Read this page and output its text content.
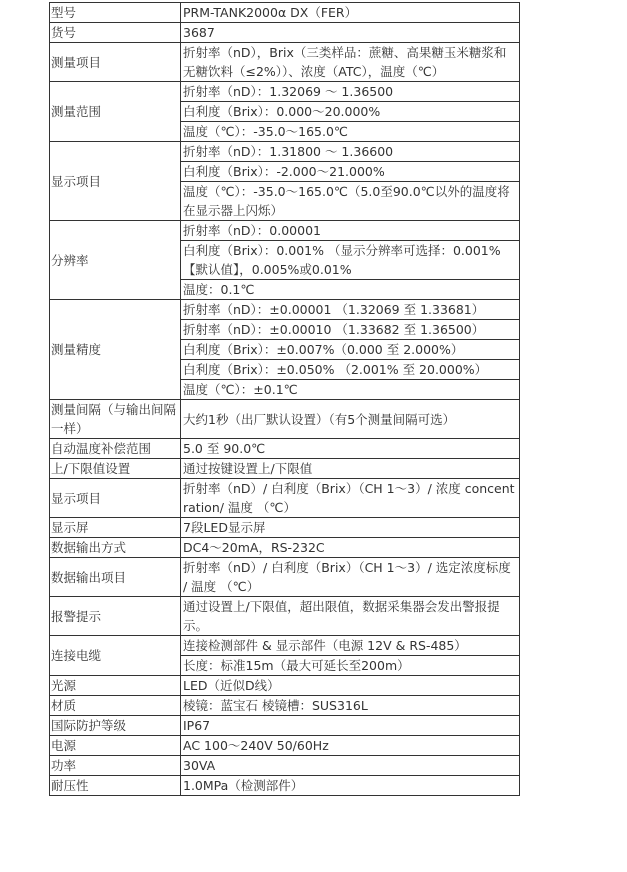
型号	PRM-TANK2000α DX（FER）
货号	3687
测量项目	折射率（nD），Brix（三类样品：蔗糖、高果糖玉米糖浆和无糖饮料（≤2%））、浓度（ATC），温度（℃）
测量范围	折射率（nD）：1.32069 ～ 1.36500
	白利度（Brix）：0.000～20.000%
	温度（℃）：-35.0～165.0℃
显示项目	折射率（nD）：1.31800 ～ 1.36600
	白利度（Brix）：-2.000～21.000%
	温度（℃）：-35.0～165.0℃（5.0至90.0℃以外的温度将在显示器上闪烁）
分辨率	折射率（nD）：0.00001
	白利度（Brix）：0.001% （显示分辨率可选择：0.001%【默认值】，0.005%或0.01%
	温度：0.1℃
测量精度	折射率（nD）：±0.00001 （1.32069 至 1.33681）
	折射率（nD）：±0.00010 （1.33682 至 1.36500）
	白利度（Brix）：±0.007%（0.000 至 2.000%）
	白利度（Brix）：±0.050% （2.001% 至 20.000%）
	温度（℃）：±0.1℃
测量间隔（与输出间隔一样）	大约1秒（出厂默认设置）（有5个测量间隔可选）
自动温度补偿范围	5.0 至 90.0℃
上/下限值设置	通过按键设置上/下限值
显示项目	折射率（nD）/ 白利度（Brix）（CH 1～3）/ 浓度 concentration/ 温度 （℃）
显示屏	7段LED显示屏
数据输出方式	DC4～20mA，RS-232C
数据输出项目	折射率（nD）/ 白利度（Brix）（CH 1～3）/ 选定浓度标度 / 温度 （℃）
报警提示	通过设置上/下限值，超出限值，数据采集器会发出警报提示。
连接电缆	连接检测部件 & 显示部件（电源 12V & RS-485）
	长度：标准15m（最大可延长至200m）
光源	LED（近似D线）
材质	棱镜：蓝宝石 棱镜槽：SUS316L
国际防护等级	IP67
电源	AC 100～240V 50/60Hz
功率	30VA
耐压性	1.0MPa（检测部件）
